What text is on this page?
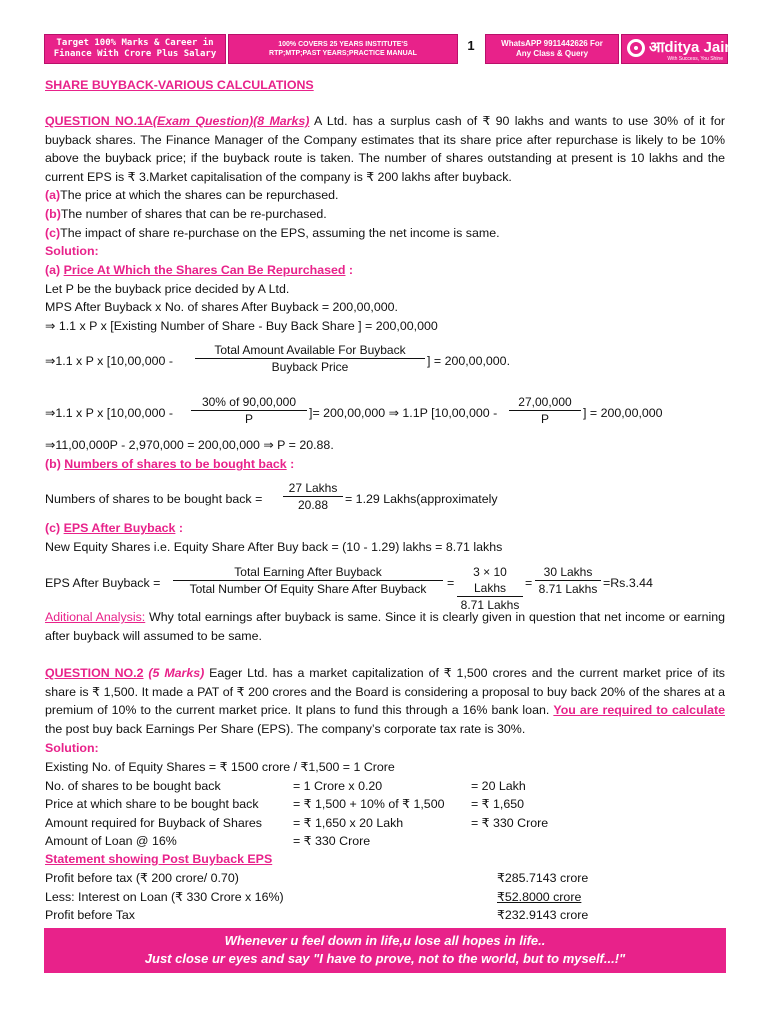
Target 100% Marks & Career in
Finance With Crore Plus Salary
100% COVERS 25 YEARS INSTITUTE'S
RTP;MTP;PAST YEARS;PRACTICE MANUAL
1	WhatsAPP 9911442626 For
Any Class & Query	आditya Jain
With Success, You Shine
SHARE BUYBACK-VARIOUS CALCULATIONS
QUESTION NO.1A(Exam Question)(8 Marks) A Ltd. has a surplus cash of ₹ 90 lakhs and wants to use 30% of it for buyback shares. The Finance Manager of the Company estimates that its share price after repurchase is likely to be 10% above the buyback price; if the buyback route is taken. The number of shares outstanding at present is 10 lakhs and the current EPS is ₹ 3.Market capitalisation of the company is ₹ 200 lakhs after buyback.
(a)The price at which the shares can be repurchased.
(b)The number of shares that can be re-purchased.
(c)The impact of share re-purchase on the EPS, assuming the net income is same.
Solution:
(a) Price At Which the Shares Can Be Repurchased :
Let P be the buyback price decided by A Ltd.
MPS After Buyback x No. of shares After Buyback = 200,00,000.
⇒ 1.1 x P x [Existing Number of Share - Buy Back Share ] = 200,00,000
⇒1.1 x P x [10,00,000 -
Total Amount Available For Buyback
Buyback Price	] = 200,00,000.
⇒1.1 x P x [$10,00,000 - \frac{30\% of 90,00,000}{P}$ ]= 200,00,000 ⇒ 1.1P [$10,00,000 - \frac{27,00,000}{P}$ ] = 200,00,000
⇒11,00,000P - 2,970,000 = 200,00,000 ⇒ P = 20.88.
(b) Numbers of shares to be bought back :
Numbers of shares to be bought back =
27 Lakhs
20.88	= 1.29 Lakhs(approximately
(c) EPS After Buyback :
New Equity Shares i.e. Equity Share After Buy back = (10 - 1.29) lakhs = 8.71 lakhs
EPS After Buyback =
Total Earning After Buyback
Total Number Of Equity Share After Buyback	=
3 × 10 Lakhs
8.71 Lakhs
=
30 Lakhs
8.71 Lakhs =Rs.3.44
Aditional Analysis: Why total earnings after buyback is same. Since it is clearly given in question that net income or earning after buyback will assumed to be same.
QUESTION NO.2 (5 Marks) Eager Ltd. has a market capitalization of ₹ 1,500 crores and the current market price of its share is ₹ 1,500. It made a PAT of ₹ 200 crores and the Board is considering a proposal to buy back 20% of the shares at a premium of 10% to the current market price. It plans to fund this through a 16% bank loan. You are required to calculate the post buy back Earnings Per Share (EPS). The company’s corporate tax rate is 30%.
Solution:
Existing No. of Equity Shares = ₹ 1500 crore / ₹1,500 = 1 Crore
No. of shares to be bought back	= 1 Crore x 0.20	= 20 Lakh
Price at which share to be bought back	= ₹ 1,500 + 10% of ₹ 1,500 = ₹ 1,650
Amount required for Buyback of Shares	= ₹ 1,650 x 20 Lakh	= ₹ 330 Crore
Amount of Loan @ 16%	= ₹ 330 Crore
Statement showing Post Buyback EPS
Profit before tax (₹ 200 crore/ 0.70)	₹285.7143 crore
Less: Interest on Loan (₹ 330 Crore x 16%)	₹52.8000 crore
Profit before Tax	₹232.9143 crore
Whenever u feel down in life,u lose all hopes in life..
Just close ur eyes and say "I have to prove, not to the world, but to myself...!"
